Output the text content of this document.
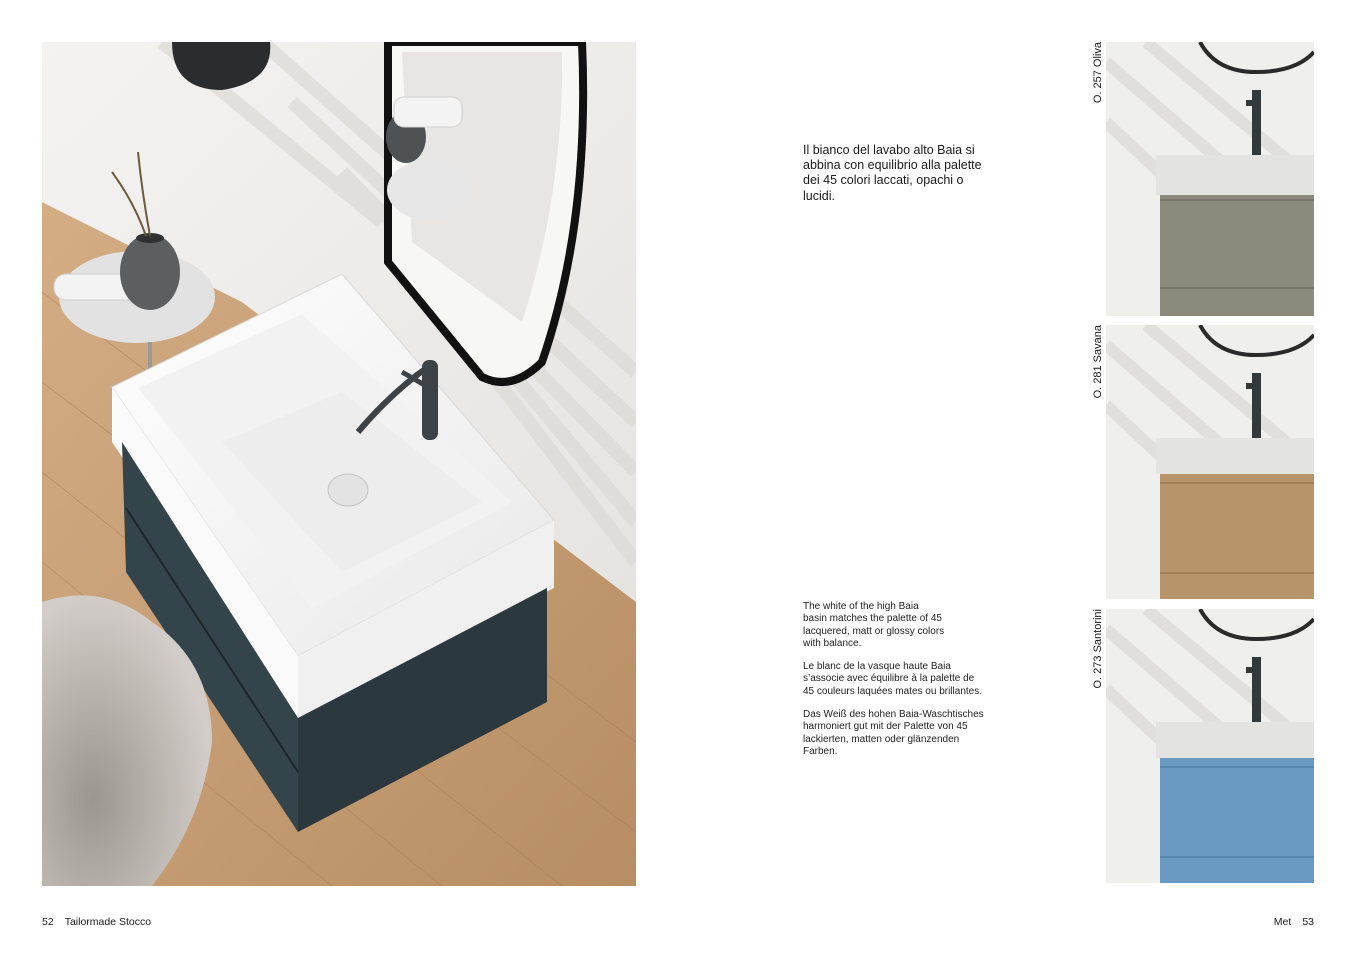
Il bianco del lavabo alto Baia si
abbina con equilibrio alla palette
dei 45 colori laccati, opachi o
lucidi.

The white of the high Baia
basin matches the palette of 45
lacquered, matt or glossy colors
with balance.

Le blanc de la vasque haute Baia
s’associe avec équilibre à la palette de
45 couleurs laquées mates ou brillantes.

Das Weiß des hohen Baia-Waschtisches
harmoniert gut mit der Palette von 45
lackierten, matten oder glänzenden
Farben.

O. 257 Oliva
O. 281 Savana
O. 273 Santorini
52 Tailormade Stocco	Met 53
